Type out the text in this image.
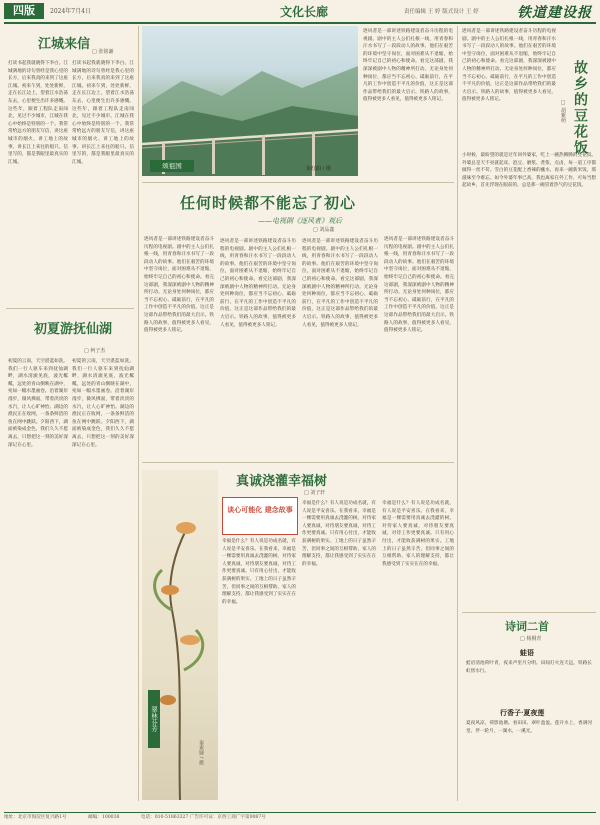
四版	2024年7月4日	文化长廊	责任编辑 王 婷 版式设计 王 婷	铁道建设报
江城来信 □ 张铭谦
打读书起我就晓得下李白。江城满地的诗句曾经是我心里的长方，后来我真的来到了这座江城。初来乍到，处处新鲜，走在长江边上，望着江水浩荡东去，心里便生出许多感慨。这些年，跟着工程队走南闯北，见过不少城市，江城在我心中始终是特别的一个。我常常给远方的朋友写信，讲这座城市的烟火、讲工地上的故事、讲长江上来往的船只。信里写的，都是我眼里最真实的江城。
打读书起我就晓得下李白。江城满地的诗句曾经是我心里的长方，后来我真的来到了这座江城。初来乍到，处处新鲜，走在长江边上，望着江水浩荡东去，心里便生出许多感慨。这些年，跟着工程队走南闯北，见过不少城市，江城在我心中始终是特别的一个。我常常给远方的朋友写信，讲这座城市的烟火、讲工地上的故事、讲长江上来往的船只。信里写的，都是我眼里最真实的江城。
初夏游抚仙湖
□ 柯子杰
初夏的云南，天空湛蓝如洗。我们一行人驱车来到抚仙湖畔，湖水清澈见底，波光粼粼，远处的青山倒映在湖中，宛如一幅水墨画卷。沿着湖岸漫步，微风拂面，带着淡淡的水汽，让人心旷神怡。湖边的渔民正在收网，一条条鲜活的鱼在网中跳跃。夕阳西下，湖面被染成金色，我们久久不愿离去，只想把这一刻的美好深深记在心里。
初夏的云南，天空湛蓝如洗。我们一行人驱车来到抚仙湖畔，湖水清澈见底，波光粼粼，远处的青山倒映在湖中，宛如一幅水墨画卷。沿着湖岸漫步，微风拂面，带着淡淡的水汽，让人心旷神怡。湖边的渔民正在收网，一条条鲜活的鱼在网中跳跃。夕阳西下，湖面被染成金色，我们久久不愿离去，只想把这一刻的美好深深记在心里。
颂祖国	朱红阳 / 摄
逐风者是一部讲述铁路建设者奋斗历程的电视剧。剧中的主人公们扎根一线，用青春和汗水书写了一段段动人的故事。他们在艰苦的环境中坚守岗位，面对困难从不退缩，始终牢记自己的初心和使命。看完这部剧，我深深被剧中人物的精神所打动。无论身处何种岗位，都应当不忘初心、砥砺前行，在平凡的工作中创造不平凡的价值，这正是这部作品带给我们的最大启示。铁路人的故事，值得被更多人看见，值得被更多人铭记。
任何时候都不能忘了初心
——电视剧《逐风者》观后
□ 刘品鑫
逐风者是一部讲述铁路建设者奋斗历程的电视剧。剧中的主人公们扎根一线，用青春和汗水书写了一段段动人的故事。他们在艰苦的环境中坚守岗位，面对困难从不退缩，始终牢记自己的初心和使命。看完这部剧，我深深被剧中人物的精神所打动。无论身处何种岗位，都应当不忘初心、砥砺前行，在平凡的工作中创造不平凡的价值，这正是这部作品带给我们的最大启示。铁路人的故事，值得被更多人看见，值得被更多人铭记。
逐风者是一部讲述铁路建设者奋斗历程的电视剧。剧中的主人公们扎根一线，用青春和汗水书写了一段段动人的故事。他们在艰苦的环境中坚守岗位，面对困难从不退缩，始终牢记自己的初心和使命。看完这部剧，我深深被剧中人物的精神所打动。无论身处何种岗位，都应当不忘初心、砥砺前行，在平凡的工作中创造不平凡的价值，这正是这部作品带给我们的最大启示。铁路人的故事，值得被更多人看见，值得被更多人铭记。
逐风者是一部讲述铁路建设者奋斗历程的电视剧。剧中的主人公们扎根一线，用青春和汗水书写了一段段动人的故事。他们在艰苦的环境中坚守岗位，面对困难从不退缩，始终牢记自己的初心和使命。看完这部剧，我深深被剧中人物的精神所打动。无论身处何种岗位，都应当不忘初心、砥砺前行，在平凡的工作中创造不平凡的价值，这正是这部作品带给我们的最大启示。铁路人的故事，值得被更多人看见，值得被更多人铭记。
逐风者是一部讲述铁路建设者奋斗历程的电视剧。剧中的主人公们扎根一线，用青春和汗水书写了一段段动人的故事。他们在艰苦的环境中坚守岗位，面对困难从不退缩，始终牢记自己的初心和使命。看完这部剧，我深深被剧中人物的精神所打动。无论身处何种岗位，都应当不忘初心、砥砺前行，在平凡的工作中创造不平凡的价值，这正是这部作品带给我们的最大启示。铁路人的故事，值得被更多人看见，值得被更多人铭记。
真诚浇灌幸福树
□ 刘子轩
谈心可能化 建念故事
幸福是什么？有人说是功成名就，有人说是平安喜乐。在我看来，幸福是一棵需要用真诚去浇灌的树。对待家人要真诚，对待朋友要真诚，对待工作更要真诚。只有用心付出，才能收获满树的果实。工地上的日子虽然辛苦，但同事之间的互相帮助、家人的理解支持，都让我感受到了实实在在的幸福。
幸福是什么？有人说是功成名就，有人说是平安喜乐。在我看来，幸福是一棵需要用真诚去浇灌的树。对待家人要真诚，对待朋友要真诚，对待工作更要真诚。只有用心付出，才能收获满树的果实。工地上的日子虽然辛苦，但同事之间的互相帮助、家人的理解支持，都让我感受到了实实在在的幸福。
幸福是什么？有人说是功成名就，有人说是平安喜乐。在我看来，幸福是一棵需要用真诚去浇灌的树。对待家人要真诚，对待朋友要真诚，对待工作更要真诚。只有用心付出，才能收获满树的果实。工地上的日子虽然辛苦，但同事之间的互相帮助、家人的理解支持，都让我感受到了实实在在的幸福。
翠林芬芳
秦素婕 / 摄
逐风者是一部讲述铁路建设者奋斗历程的电视剧。剧中的主人公们扎根一线，用青春和汗水书写了一段段动人的故事。他们在艰苦的环境中坚守岗位，面对困难从不退缩，始终牢记自己的初心和使命。看完这部剧，我深深被剧中人物的精神所打动。无论身处何种岗位，都应当不忘初心、砥砺前行，在平凡的工作中创造不平凡的价值，这正是这部作品带给我们的最大启示。铁路人的故事，值得被更多人看见，值得被更多人铭记。	故乡的豆花饭
□ 胡紫萌
小时候，最盼望的就是过年回外婆家，吃上一碗热腾腾的豆花饭。外婆总是天不亮就起床，泡豆、磨浆、煮浆、点卤，每一道工序都做得一丝不苟。雪白的豆花配上香辣的蘸水，再来一碗新米饭，那滋味至今难忘。如今外婆年事已高，我也离家在外工作，可每当想起故乡，首先浮现在眼前的，总是那一碗冒着热气的豆花饭。
诗词二首
□ 杨桐青
蛙语
蛙语清池荷叶青，夜来声里月分明。田间灯火连天远，铁路长虹傍水行。
行香子·夏夜莲
夏夜风凉，荷影池塘。看田田、翠叶盈盈。莲开水上，香满河堂。伴一轮月，一湖水，一溪光。
地址：北京市海淀区复兴路1号	邮编：100038	电话：010-51863327 广告许可证：京西工商广字第0087号
